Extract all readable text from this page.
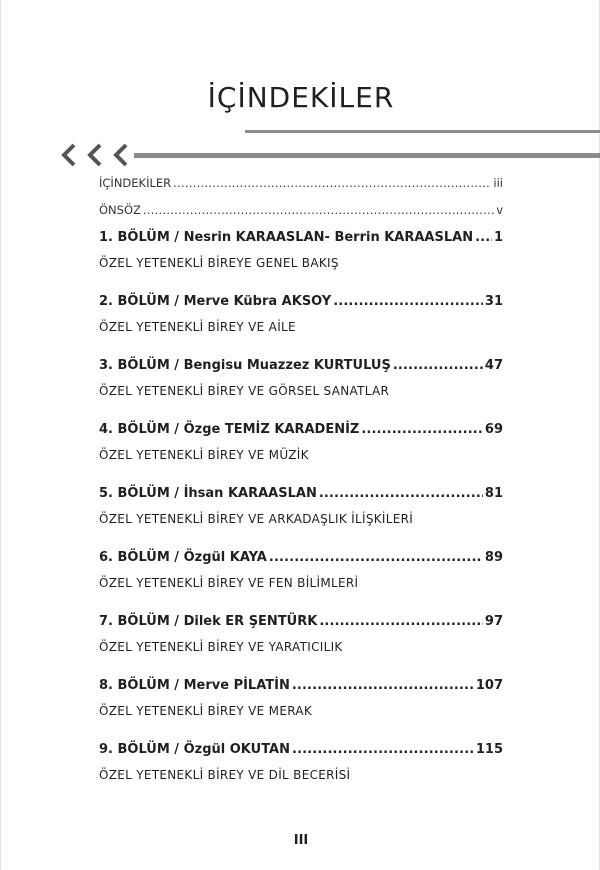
İÇİNDEKİLER
İÇİNDEKİLER . . .	iii
ÖNSÖZ . . .	v
1. BÖLÜM / Nesrin KARAASLAN- Berrin KARAASLAN . . . 1
ÖZEL YETENEKLİ BİREYE GENEL BAKIŞ
2. BÖLÜM / Merve Kübra AKSOY . . .	31
ÖZEL YETENEKLİ BİREY VE AİLE
3. BÖLÜM / Bengisu Muazzez KURTULUŞ . . .	47
ÖZEL YETENEKLİ BİREY VE GÖRSEL SANATLAR
4. BÖLÜM / Özge TEMİZ KARADENİZ . . .	69
ÖZEL YETENEKLİ BİREY VE MÜZİK
5. BÖLÜM / İhsan KARAASLAN . . .	81
ÖZEL YETENEKLİ BİREY VE ARKADAŞLIK İLİŞKİLERİ
6. BÖLÜM / Özgül KAYA . . .	89
ÖZEL YETENEKLİ BİREY VE FEN BİLİMLERİ
7. BÖLÜM / Dilek ER ŞENTÜRK . . .	97
ÖZEL YETENEKLİ BİREY VE YARATICILIK
8. BÖLÜM / Merve PİLATİN . . .	107
ÖZEL YETENEKLİ BİREY VE MERAK
9. BÖLÜM / Özgül OKUTAN . . .	115
ÖZEL YETENEKLİ BİREY VE DİL BECERİSİ
III
